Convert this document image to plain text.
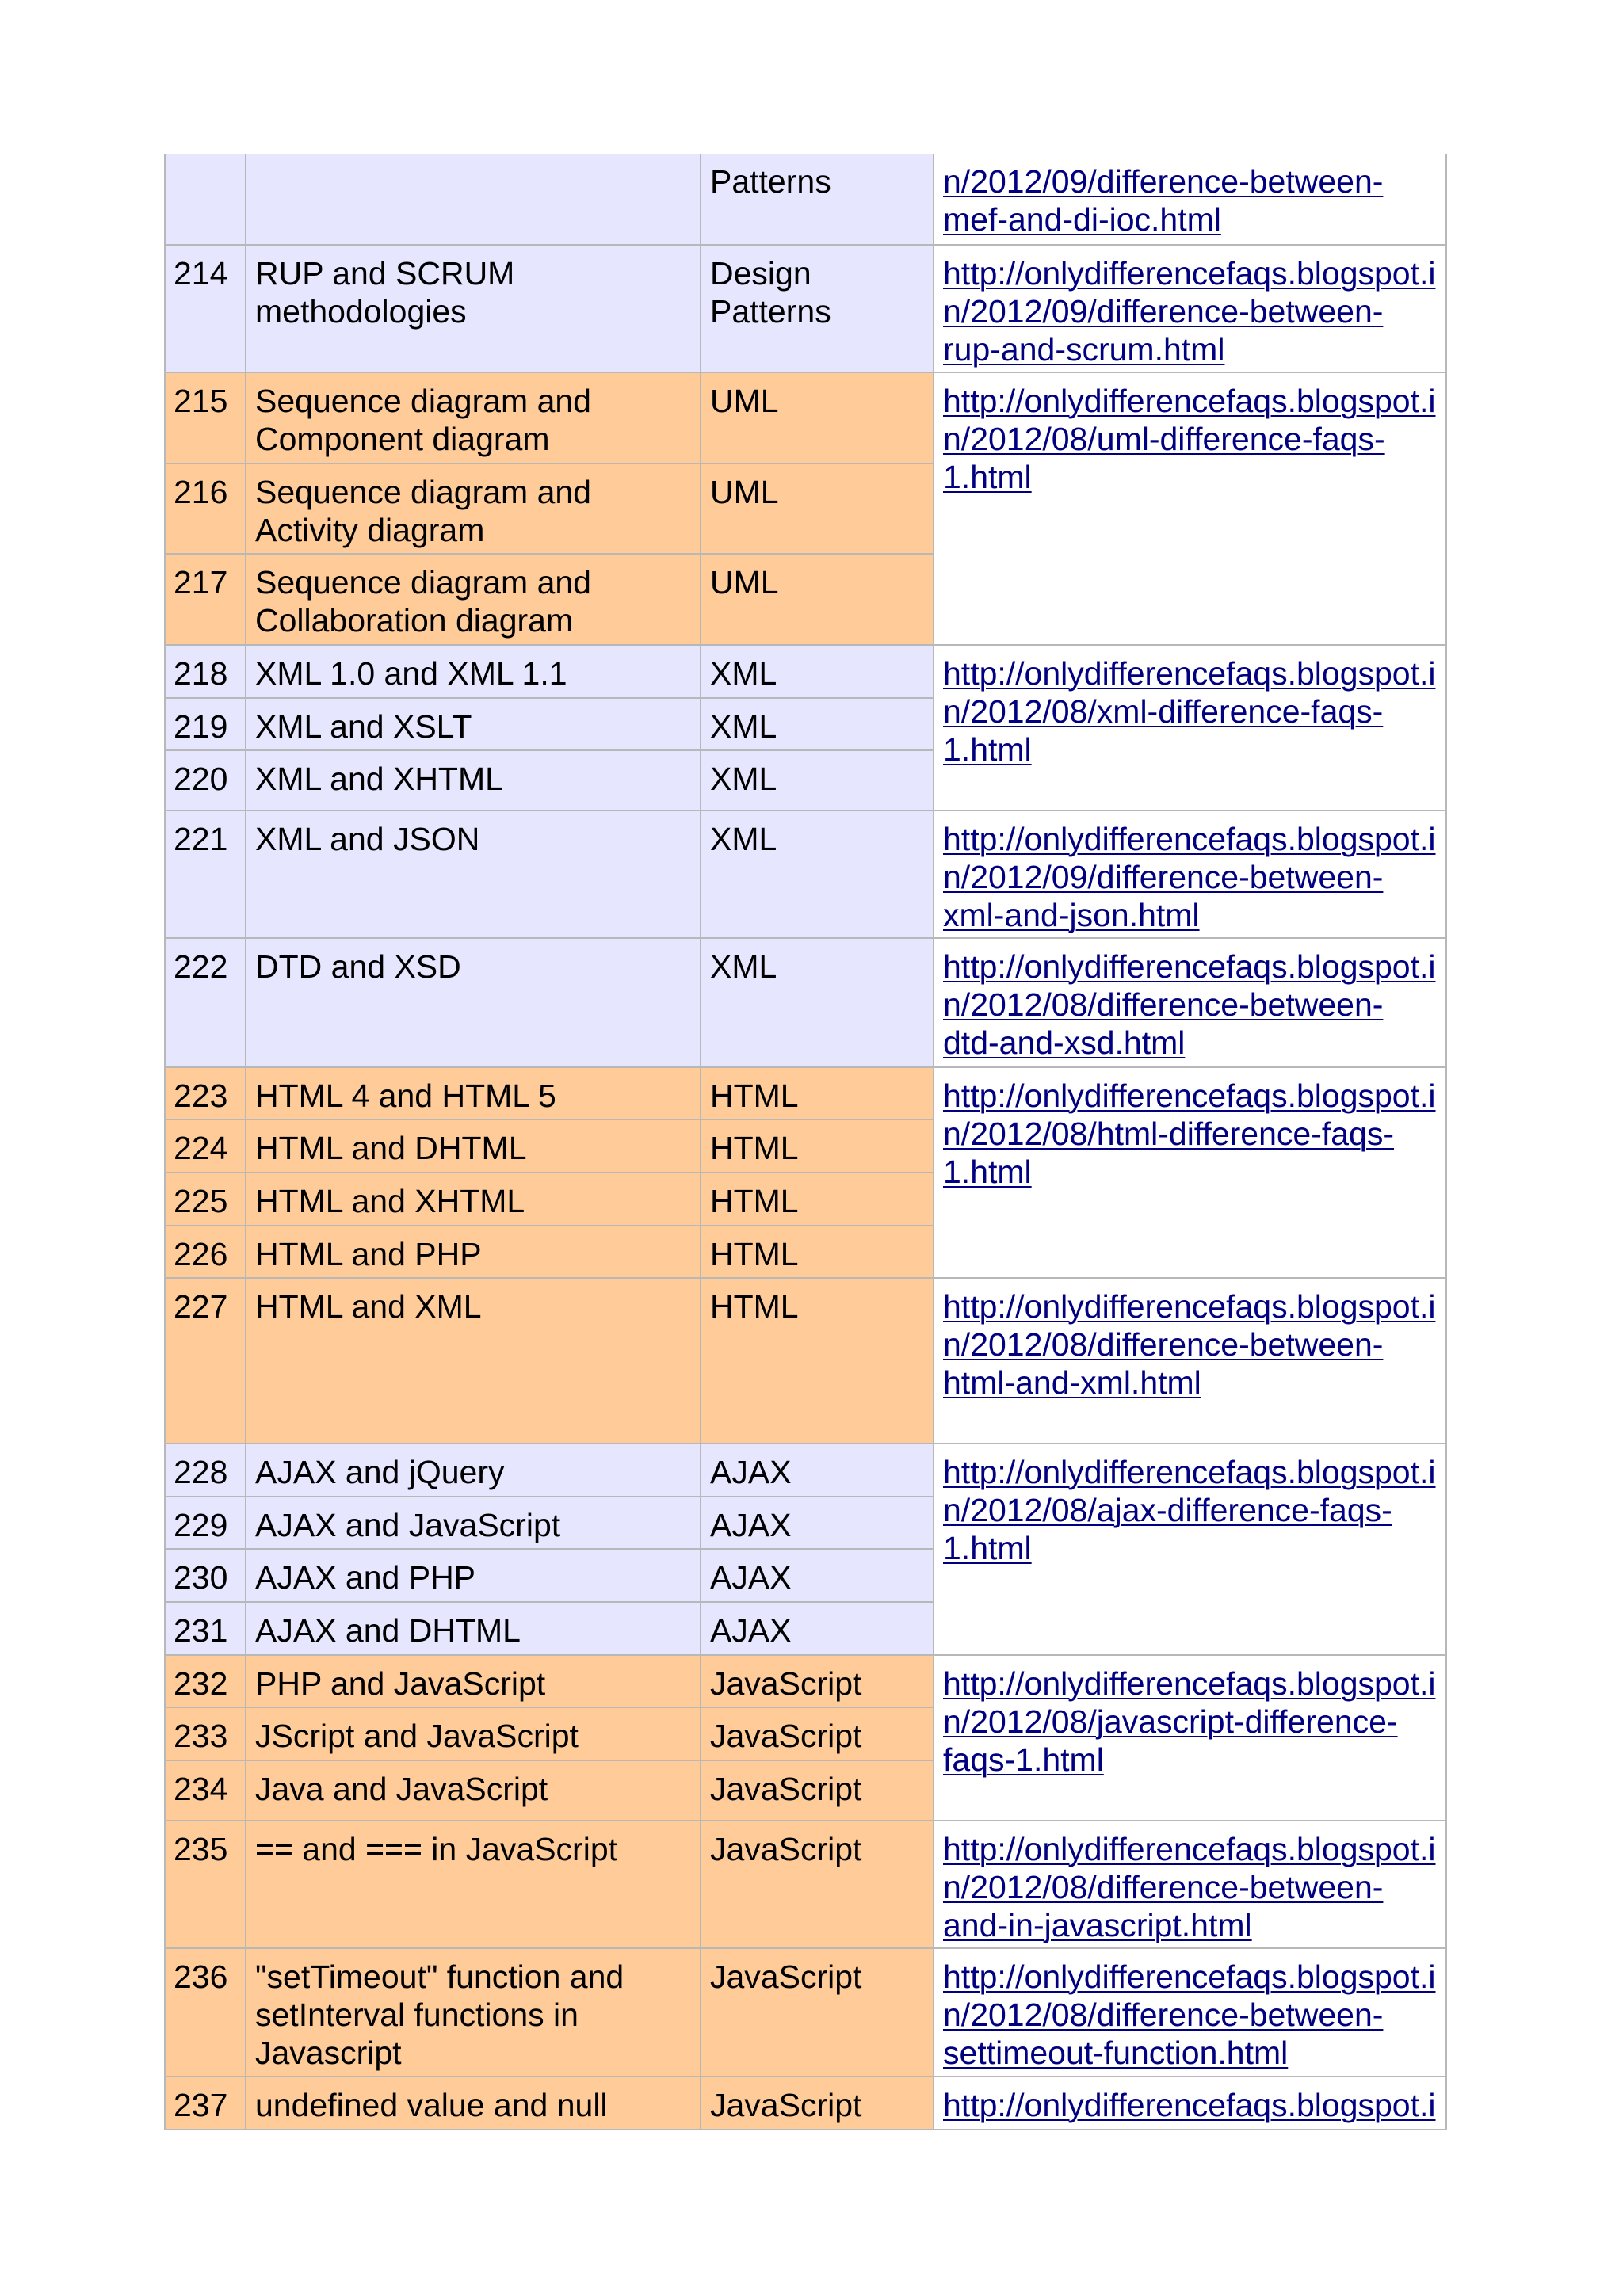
		Patterns	n/2012/09/difference-between-
mef-and-di-ioc.html

214	RUP and SCRUM methodologies	Design Patterns	http://onlydifferencefaqs.blogspot.i
n/2012/09/difference-between-
rup-and-scrum.html

215	Sequence diagram and Component diagram	UML	http://onlydifferencefaqs.blogspot.i
n/2012/08/uml-difference-faqs-
1.html

216	Sequence diagram and Activity diagram	UML	
217	Sequence diagram and Collaboration diagram	UML	
218	XML 1.0 and XML 1.1	XML	http://onlydifferencefaqs.blogspot.i
n/2012/08/xml-difference-faqs-
1.html

219	XML and XSLT	XML	
220	XML and XHTML	XML	
221	XML and JSON	XML	http://onlydifferencefaqs.blogspot.i
n/2012/09/difference-between-
xml-and-json.html

222	DTD and XSD	XML	http://onlydifferencefaqs.blogspot.i
n/2012/08/difference-between-
dtd-and-xsd.html

223	HTML 4 and HTML 5	HTML	http://onlydifferencefaqs.blogspot.i
n/2012/08/html-difference-faqs-
1.html

224	HTML and DHTML	HTML	
225	HTML and XHTML	HTML	
226	HTML and PHP	HTML	
227	HTML and XML	HTML	http://onlydifferencefaqs.blogspot.i
n/2012/08/difference-between-
html-and-xml.html

228	AJAX and jQuery	AJAX	http://onlydifferencefaqs.blogspot.i
n/2012/08/ajax-difference-faqs-
1.html

229	AJAX and JavaScript	AJAX	
230	AJAX and PHP	AJAX	
231	AJAX and DHTML	AJAX	
232	PHP and JavaScript	JavaScript	http://onlydifferencefaqs.blogspot.i
n/2012/08/javascript-difference-
faqs-1.html

233	JScript and JavaScript	JavaScript	
234	Java and JavaScript	JavaScript	
235	== and === in JavaScript	JavaScript	http://onlydifferencefaqs.blogspot.i
n/2012/08/difference-between-
and-in-javascript.html

236	"setTimeout" function and setInterval functions in Javascript	JavaScript	http://onlydifferencefaqs.blogspot.i
n/2012/08/difference-between-
settimeout-function.html

237	undefined value and null	JavaScript	http://onlydifferencefaqs.blogspot.i
